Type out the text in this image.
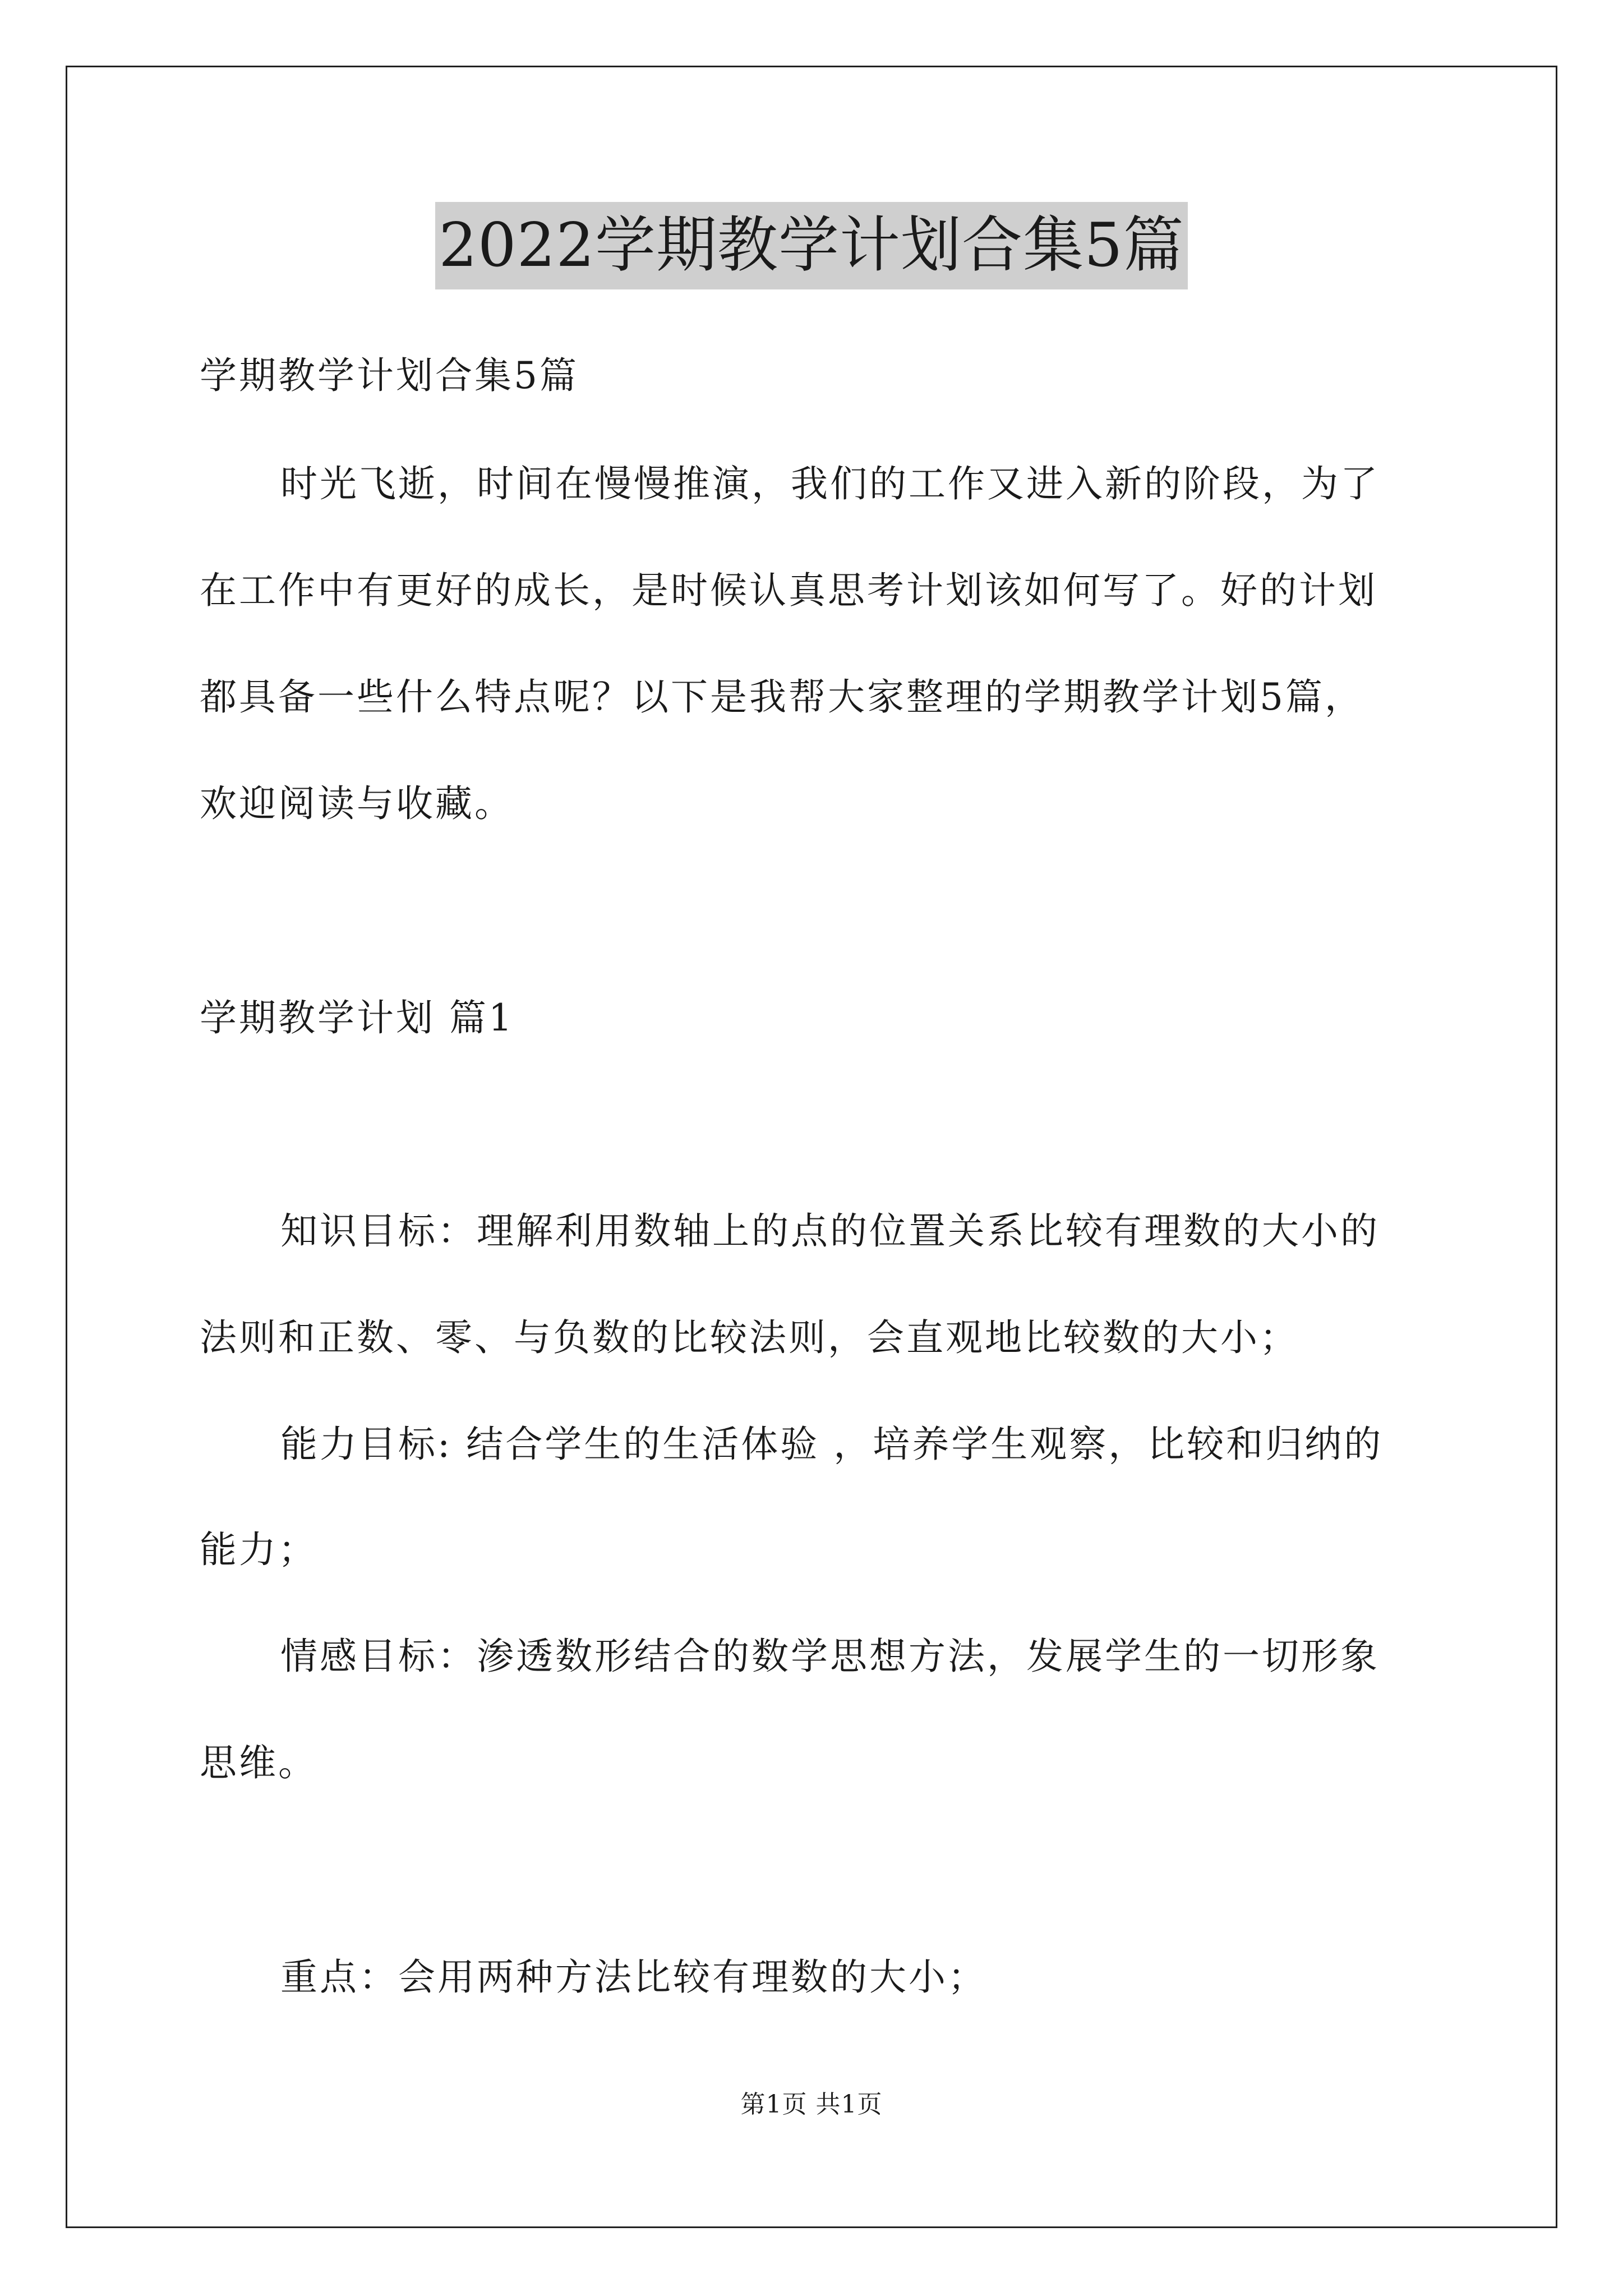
2022学期教学计划合集5篇
学期教学计划合集5篇
时光飞逝，时间在慢慢推演，我们的工作又进入新的阶段，为了
在工作中有更好的成长，是时候认真思考计划该如何写了。好的计划
都具备一些什么特点呢？以下是我帮大家整理的学期教学计划5篇，
欢迎阅读与收藏。
学期教学计划 篇1
知识目标：理解利用数轴上的点的位置关系比较有理数的大小的
法则和正数、零、与负数的比较法则，会直观地比较数的大小；
能力目标: 结合学生的生活体验 ，培养学生观察，比较和归纳的
能力；
情感目标：渗透数形结合的数学思想方法，发展学生的一切形象
思维。
重点：会用两种方法比较有理数的大小；
第1页 共1页
